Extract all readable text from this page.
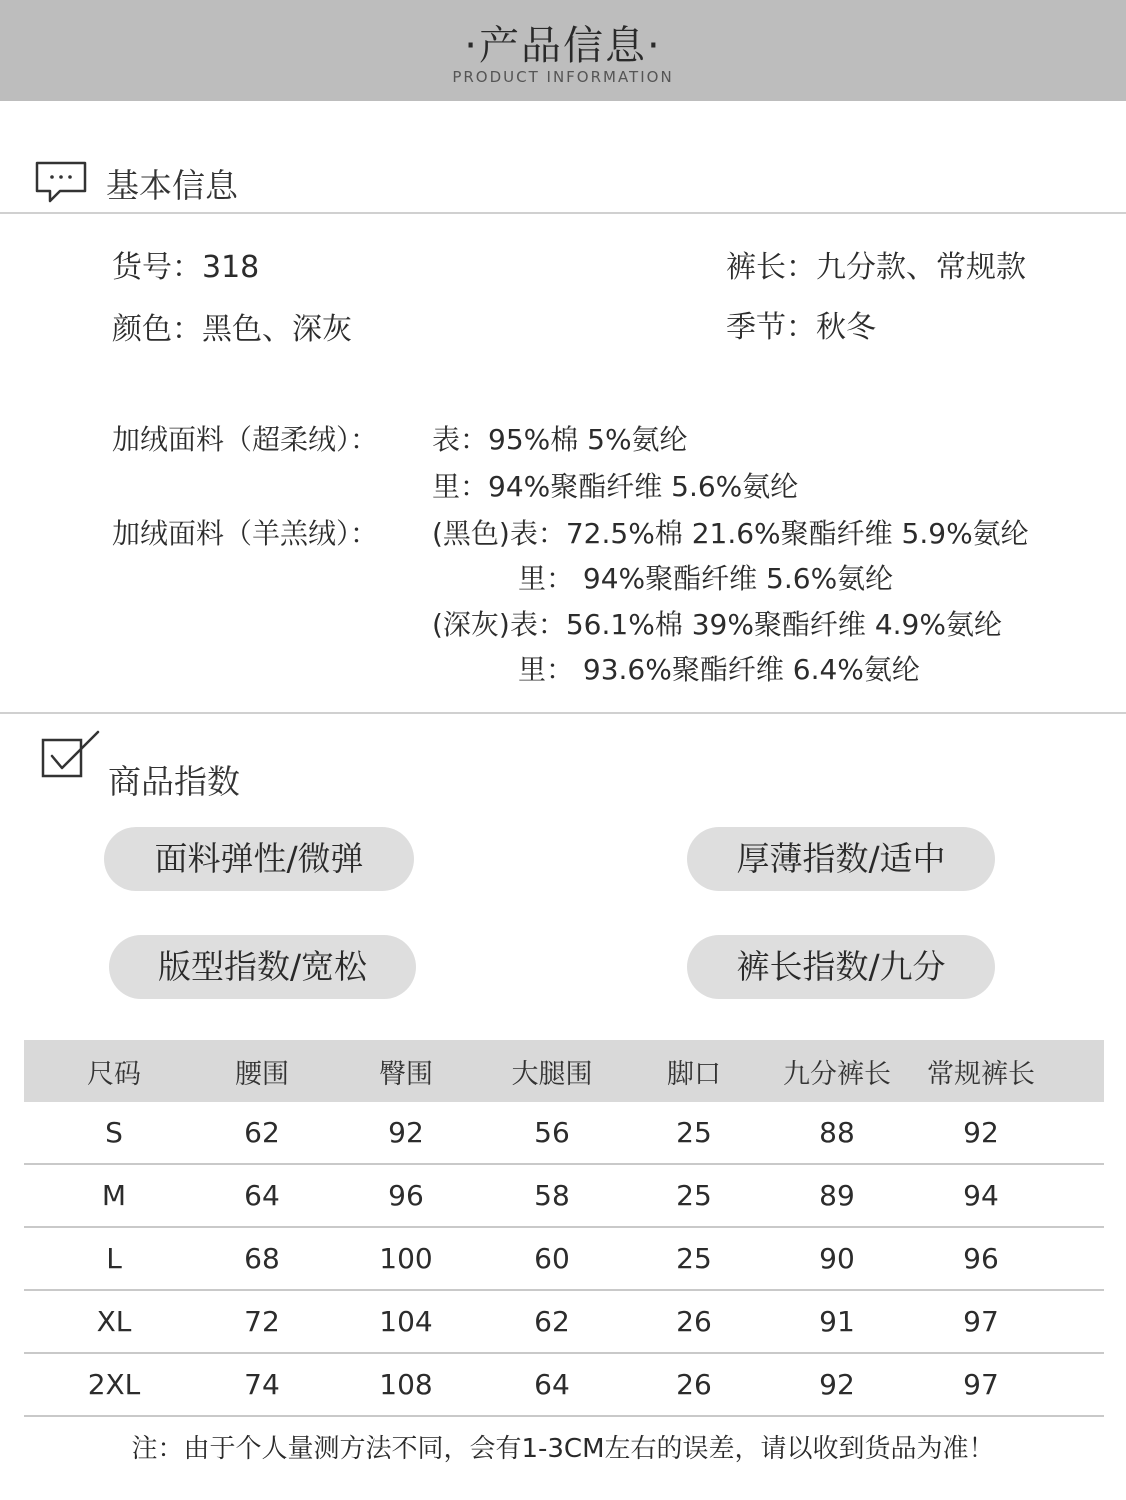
·产品信息·
PRODUCT INFORMATION
基本信息
货号：318	裤长：九分款、常规款
颜色：黑色、深灰	季节：秋冬
加绒面料（超柔绒）： 表：95%棉 5%氨纶
里：94%聚酯纤维 5.6%氨纶
加绒面料（羊羔绒）： (黑色)表：72.5%棉 21.6%聚酯纤维 5.9%氨纶
里： 94%聚酯纤维 5.6%氨纶
(深灰)表：56.1%棉 39%聚酯纤维 4.9%氨纶
里： 93.6%聚酯纤维 6.4%氨纶
商品指数
面料弹性/微弹	厚薄指数/适中
版型指数/宽松	裤长指数/九分
尺码	腰围	臀围	大腿围	脚口	九分裤长 常规裤长
S	62	92	56	25	88	92
M	64	96	58	25	89	94
L	68	100	60	25	90	96
XL	72	104	62	26	91	97
2XL	74	108	64	26	92	97
注：由于个人量测方法不同，会有1-3CM左右的误差，请以收到货品为准！
